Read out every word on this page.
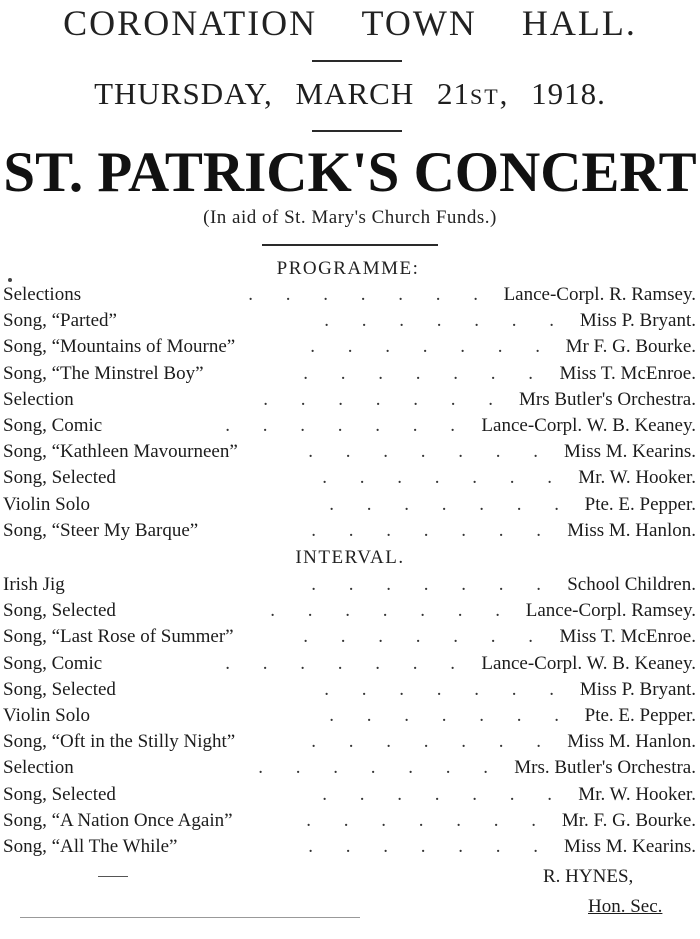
CORONATION TOWN HALL.
THURSDAY, MARCH 21ST, 1918.
ST. PATRICK'S CONCERT
(In aid of St. Mary's Church Funds.)
PROGRAMME:
Selections	. . . . . . . Lance-Corpl. R. Ramsey.
Song, “Parted”	. . . . . . . Miss P. Bryant.
Song, “Mountains of Mourne”	. . . . . . . Mr F. G. Bourke.
Song, “The Minstrel Boy”	. . . . . . . Miss T. McEnroe.
Selection	. . . . . . . Mrs Butler's Orchestra.
Song, Comic	. . . . . . . Lance-Corpl. W. B. Keaney.
Song, “Kathleen Mavourneen”	. . . . . . . Miss M. Kearins.
Song, Selected	. . . . . . . Mr. W. Hooker.
Violin Solo	. . . . . . . Pte. E. Pepper.
Song, “Steer My Barque”	. . . . . . . Miss M. Hanlon.
INTERVAL.
Irish Jig	. . . . . . . School Children.
Song, Selected	. . . . . . . Lance-Corpl. Ramsey.
Song, “Last Rose of Summer”	. . . . . . . Miss T. McEnroe.
Song, Comic	. . . . . . . Lance-Corpl. W. B. Keaney.
Song, Selected	. . . . . . . Miss P. Bryant.
Violin Solo	. . . . . . . Pte. E. Pepper.
Song, “Oft in the Stilly Night”	. . . . . . . Miss M. Hanlon.
Selection	. . . . . . . Mrs. Butler's Orchestra.
Song, Selected	. . . . . . . Mr. W. Hooker.
Song, “A Nation Once Again”	. . . . . . . Mr. F. G. Bourke.
Song, “All The While”	. . . . . . . Miss M. Kearins.
R. HYNES,
Hon. Sec.
